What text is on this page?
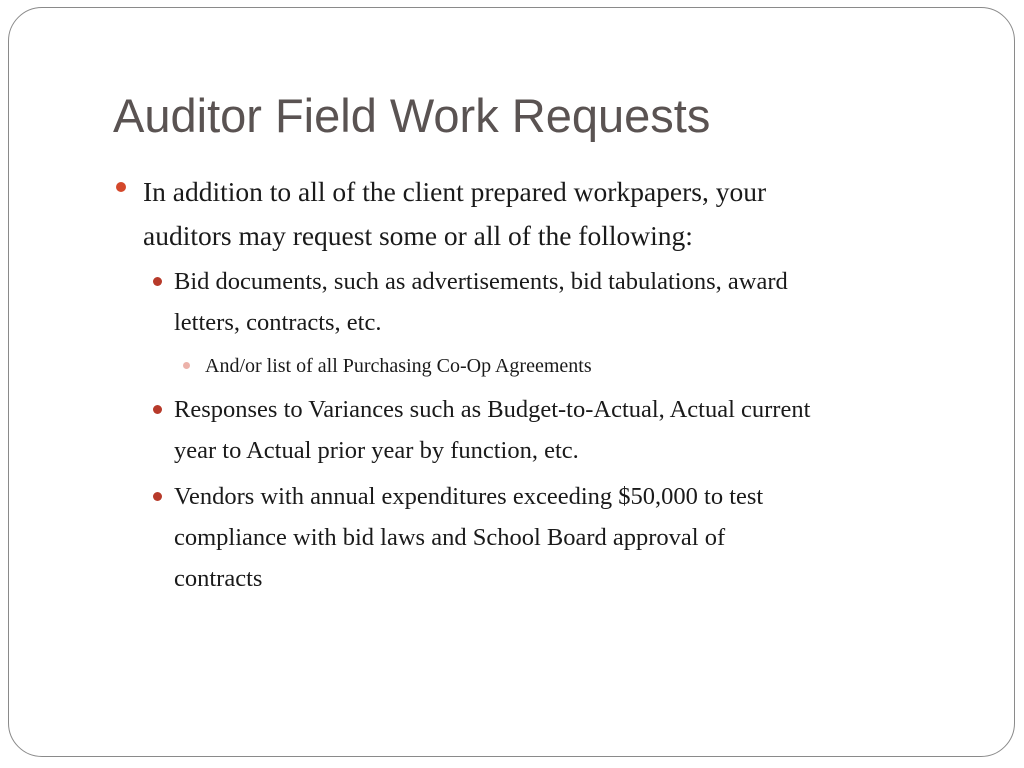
Auditor Field Work Requests
In addition to all of the client prepared workpapers, your
auditors may request some or all of the following:
Bid documents, such as advertisements, bid tabulations, award
letters, contracts, etc.
And/or list of all Purchasing Co-Op Agreements
Responses to Variances such as Budget-to-Actual, Actual current
year to Actual prior year by function, etc.
Vendors with annual expenditures exceeding $50,000 to test
compliance with bid laws and School Board approval of
contracts
